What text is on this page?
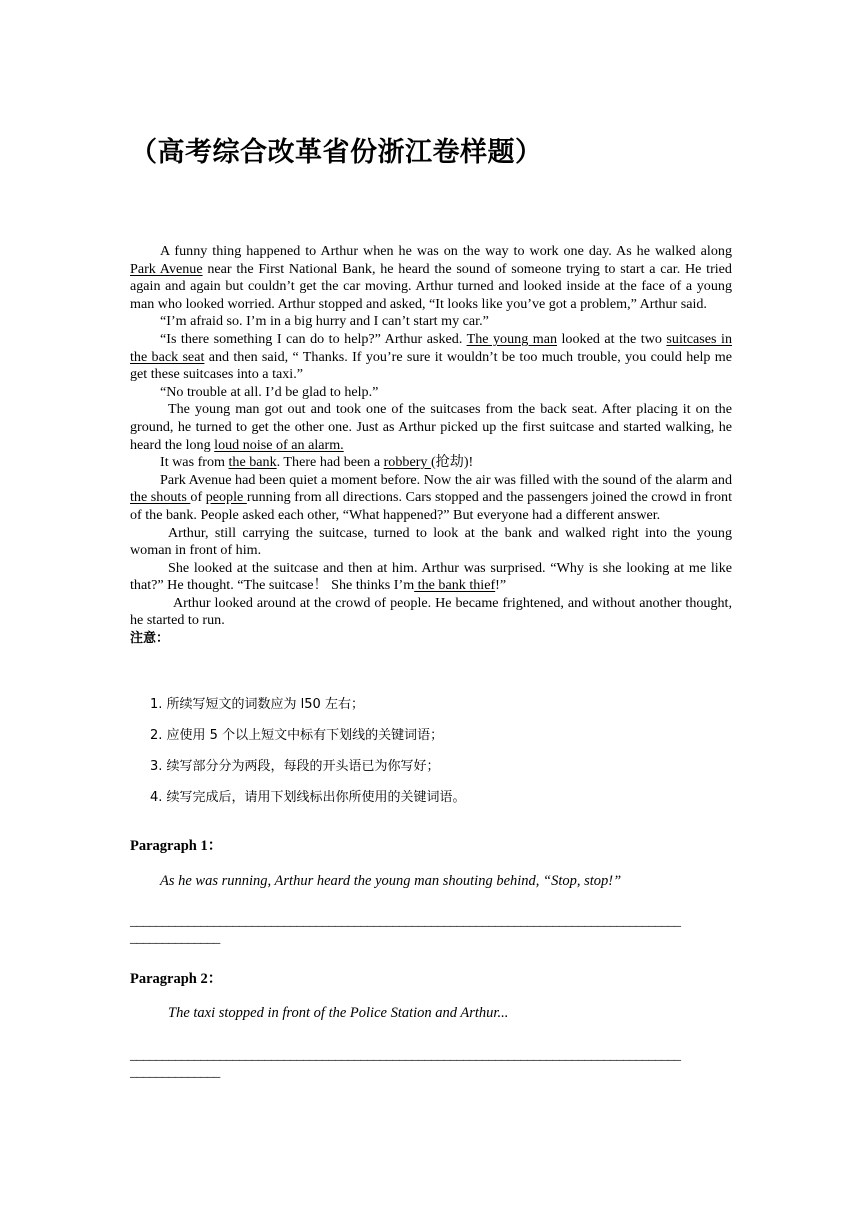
（高考综合改革省份浙江卷样题）

A funny thing happened to Arthur when he was on the way to work one day. As he walked along Park Avenue near the First National Bank, he heard the sound of someone trying to start a car. He tried again and again but couldn’t get the car moving. Arthur turned and looked inside at the face of a young man who looked worried. Arthur stopped and asked, “It looks like you’ve got a problem,” Arthur said.

“I’m afraid so. I’m in a big hurry and I can’t start my car.”

“Is there something I can do to help?” Arthur asked. The young man looked at the two suitcases in the back seat and then said, “ Thanks. If you’re sure it wouldn’t be too much trouble, you could help me get these suitcases into a taxi.”

“No trouble at all. I’d be glad to help.”

The young man got out and took one of the suitcases from the back seat. After placing it on the ground, he turned to get the other one. Just as Arthur picked up the first suitcase and started walking, he heard the long loud noise of an alarm.

It was from the bank. There had been a robbery (抢劫)!

Park Avenue had been quiet a moment before. Now the air was filled with the sound of the alarm and the shouts of people running from all directions. Cars stopped and the passengers joined the crowd in front of the bank. People asked each other, “What happened?” But everyone had a different answer.

Arthur, still carrying the suitcase, turned to look at the bank and walked right into the young woman in front of him.

She looked at the suitcase and then at him. Arthur was surprised. “Why is she looking at me like that?” He thought. “The suitcase！ She thinks I’m the bank thief!”

Arthur looked around at the crowd of people. He became frightened, and without another thought, he started to run.

注意：

1. 所续写短文的词数应为 l50 左右；
2. 应使用 5 个以上短文中标有下划线的关键词语；
3. 续写部分分为两段，每段的开头语已为你写好；
4. 续写完成后，请用下划线标出你所使用的关键词语。
Paragraph 1：
As he was running, Arthur heard the young man shouting behind, “Stop, stop!”
______________________________________________________________________________________
______________
Paragraph 2：
The taxi stopped in front of the Police Station and Arthur...
______________________________________________________________________________________
______________
